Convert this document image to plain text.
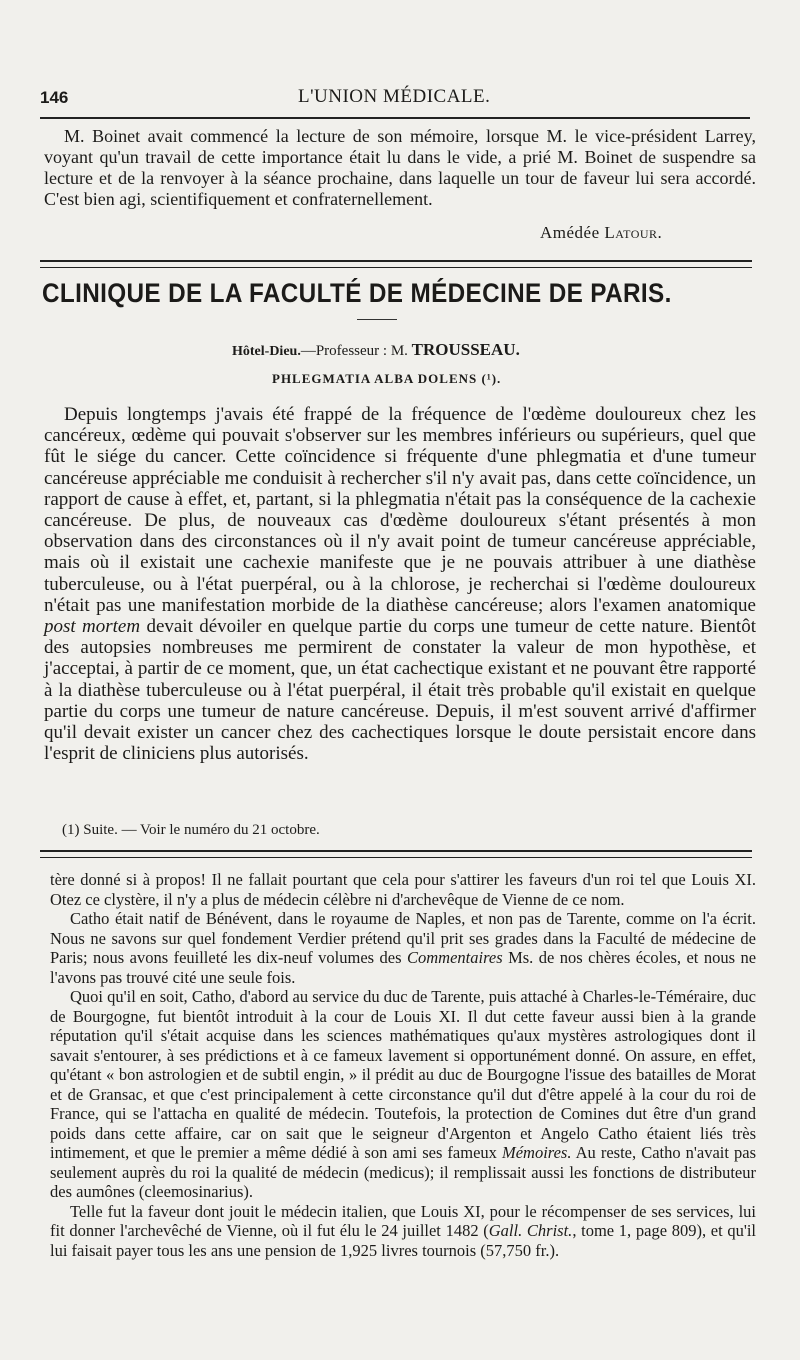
146	L'UNION MÉDICALE.
M. Boinet avait commencé la lecture de son mémoire, lorsque M. le vice-président Larrey, voyant qu'un travail de cette importance était lu dans le vide, a prié M. Boinet de suspendre sa lecture et de la renvoyer à la séance prochaine, dans laquelle un tour de faveur lui sera accordé. C'est bien agi, scientifiquement et confraternellement.
Amédée Latour.
CLINIQUE DE LA FACULTÉ DE MÉDECINE DE PARIS.
Hôtel-Dieu.—Professeur : M. TROUSSEAU.
PHLEGMATIA ALBA DOLENS (¹).

Depuis longtemps j'avais été frappé de la fréquence de l'œdème douloureux chez les cancéreux, œdème qui pouvait s'observer sur les membres inférieurs ou supérieurs, quel que fût le siége du cancer. Cette coïncidence si fréquente d'une phlegmatia et d'une tumeur cancéreuse appréciable me conduisit à rechercher s'il n'y avait pas, dans cette coïncidence, un rapport de cause à effet, et, partant, si la phlegmatia n'était pas la conséquence de la cachexie cancéreuse. De plus, de nouveaux cas d'œdème douloureux s'étant présentés à mon observation dans des circonstances où il n'y avait point de tumeur cancéreuse appréciable, mais où il existait une cachexie manifeste que je ne pouvais attribuer à une diathèse tuberculeuse, ou à l'état puerpéral, ou à la chlorose, je recherchai si l'œdème douloureux n'était pas une manifestation morbide de la diathèse cancéreuse; alors l'examen anatomique post mortem devait dévoiler en quelque partie du corps une tumeur de cette nature. Bientôt des autopsies nombreuses me permirent de constater la valeur de mon hypothèse, et j'acceptai, à partir de ce moment, que, un état cachectique existant et ne pouvant être rapporté à la diathèse tuberculeuse ou à l'état puerpéral, il était très probable qu'il existait en quelque partie du corps une tumeur de nature cancéreuse. Depuis, il m'est souvent arrivé d'affirmer qu'il devait exister un cancer chez des cachectiques lorsque le doute persistait encore dans l'esprit de cliniciens plus autorisés.

(1) Suite. — Voir le numéro du 21 octobre.

tère donné si à propos! Il ne fallait pourtant que cela pour s'attirer les faveurs d'un roi tel que Louis XI. Otez ce clystère, il n'y a plus de médecin célèbre ni d'archevêque de Vienne de ce nom.

Catho était natif de Bénévent, dans le royaume de Naples, et non pas de Tarente, comme on l'a écrit. Nous ne savons sur quel fondement Verdier prétend qu'il prit ses grades dans la Faculté de médecine de Paris; nous avons feuilleté les dix-neuf volumes des Commentaires Ms. de nos chères écoles, et nous ne l'avons pas trouvé cité une seule fois.

Quoi qu'il en soit, Catho, d'abord au service du duc de Tarente, puis attaché à Charles-le-Téméraire, duc de Bourgogne, fut bientôt introduit à la cour de Louis XI. Il dut cette faveur aussi bien à la grande réputation qu'il s'était acquise dans les sciences mathématiques qu'aux mystères astrologiques dont il savait s'entourer, à ses prédictions et à ce fameux lavement si opportunément donné. On assure, en effet, qu'étant « bon astrologien et de subtil engin, » il prédit au duc de Bourgogne l'issue des batailles de Morat et de Gransac, et que c'est principalement à cette circonstance qu'il dut d'être appelé à la cour du roi de France, qui se l'attacha en qualité de médecin. Toutefois, la protection de Comines dut être d'un grand poids dans cette affaire, car on sait que le seigneur d'Argenton et Angelo Catho étaient liés très intimement, et que le premier a même dédié à son ami ses fameux Mémoires. Au reste, Catho n'avait pas seulement auprès du roi la qualité de médecin (medicus); il remplissait aussi les fonctions de distributeur des aumônes (cleemosinarius).

Telle fut la faveur dont jouit le médecin italien, que Louis XI, pour le récompenser de ses services, lui fit donner l'archevêché de Vienne, où il fut élu le 24 juillet 1482 (Gall. Christ., tome 1, page 809), et qu'il lui faisait payer tous les ans une pension de 1,925 livres tournois (57,750 fr.).
